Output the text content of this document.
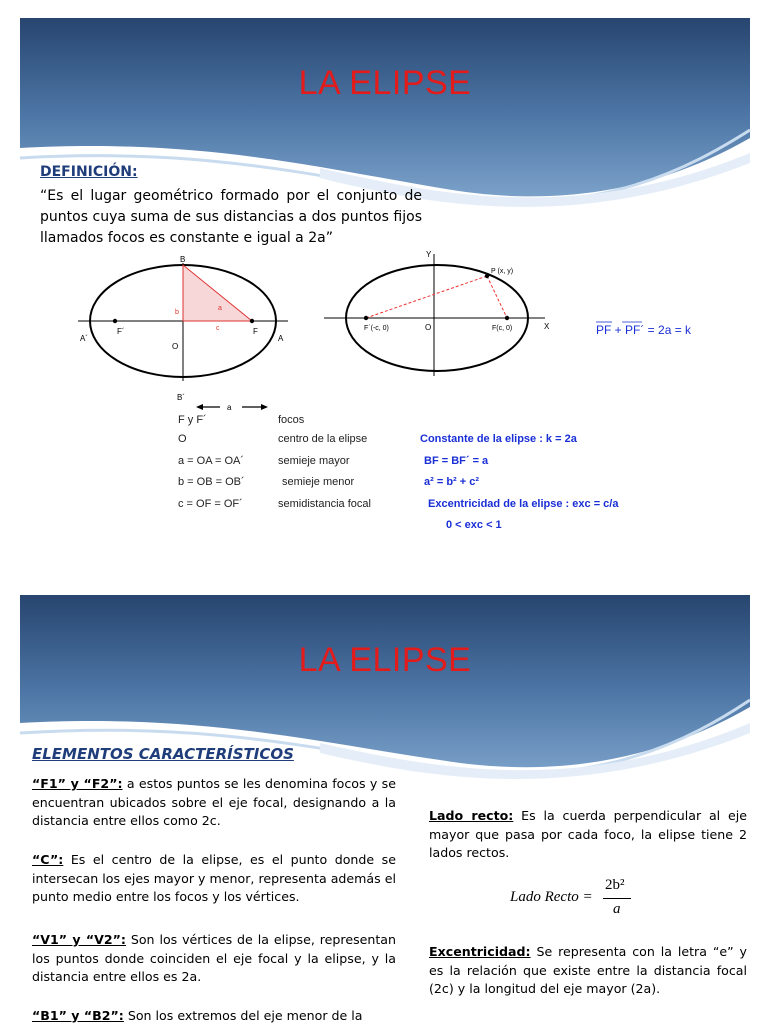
LA ELIPSE
DEFINICIÓN:
“Es el lugar geométrico formado por el conjunto de puntos cuya suma de sus distancias a dos puntos fijos llamados focos es constante e igual a 2a”
B
B´
A´	A
F´	F
O
b
a
c
a
Y
X
P (x, y)
F´(-c, 0)	F(c, 0)
O	PF + PF´ = 2a = k
F y F´	focos
O	centro de la elipse
a = OA = OA´	semieje mayor
b = OB = OB´	semieje menor
c = OF = OF´	semidistancia focal
Constante de la elipse : k = 2a
BF = BF´ = a
a² = b² + c²
Excentricidad de la elipse : exc = c/a
0 < exc < 1
LA ELIPSE
ELEMENTOS CARACTERÍSTICOS
“F1” y “F2”: a estos puntos se les denomina focos y se encuentran ubicados sobre el eje focal, designando a la distancia entre ellos como 2c.
“C”: Es el centro de la elipse, es el punto donde se intersecan los ejes mayor y menor, representa además el punto medio entre los focos y los vértices.
“V1” y “V2”: Son los vértices de la elipse, representan los puntos donde coinciden el eje focal y la elipse, y la distancia entre ellos es 2a.
“B1” y “B2”: Son los extremos del eje menor de la
Lado recto: Es la cuerda perpendicular al eje mayor que pasa por cada foco, la elipse tiene 2 lados rectos.
Lado Recto =
2b²
a
Excentricidad: Se representa con la letra “e” y es la relación que existe entre la distancia focal (2c) y la longitud del eje mayor (2a).
